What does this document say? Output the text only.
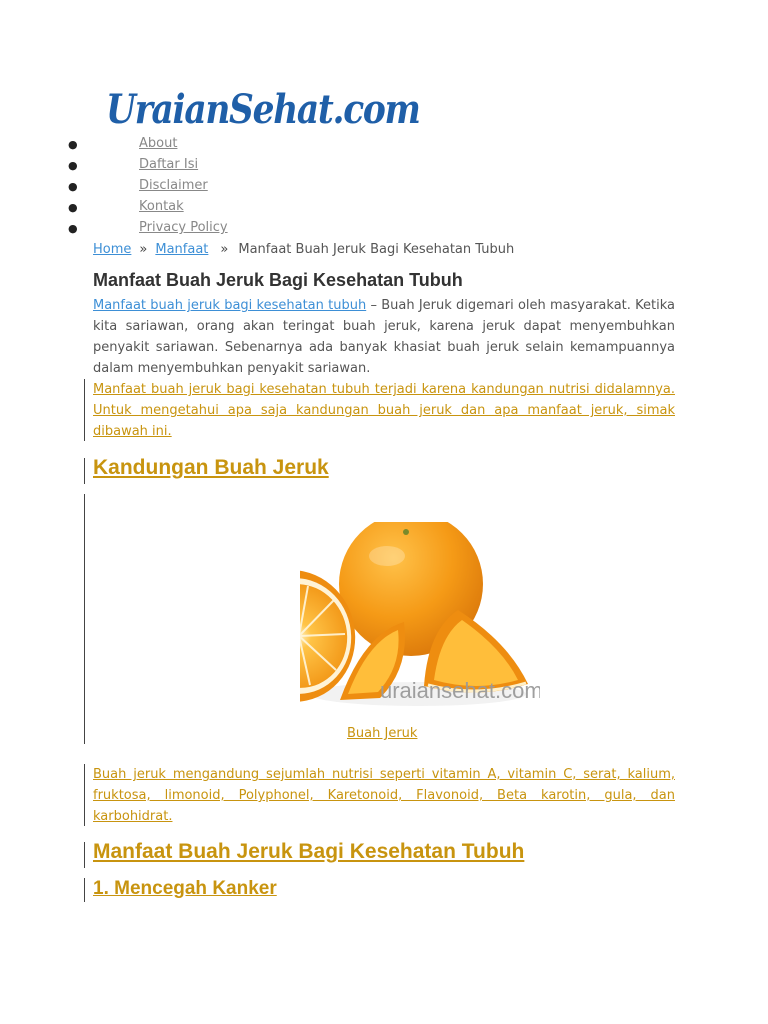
UraianSehat.com
●	About
●	Daftar Isi
●	Disclaimer
●	Kontak
●	Privacy Policy
Home » Manfaat » Manfaat Buah Jeruk Bagi Kesehatan Tubuh
Manfaat Buah Jeruk Bagi Kesehatan Tubuh

Manfaat buah jeruk bagi kesehatan tubuh – Buah Jeruk digemari oleh masyarakat. Ketika kita sariawan, orang akan teringat buah jeruk, karena jeruk dapat menyembuhkan penyakit sariawan. Sebenarnya ada banyak khasiat buah jeruk selain kemampuannya dalam menyembuhkan penyakit sariawan.

Manfaat buah jeruk bagi kesehatan tubuh terjadi karena kandungan nutrisi didalamnya. Untuk mengetahui apa saja kandungan buah jeruk dan apa manfaat jeruk, simak dibawah ini.

Kandungan Buah Jeruk
uraiansehat.com
Buah Jeruk

Buah jeruk mengandung sejumlah nutrisi seperti vitamin A, vitamin C, serat, kalium, fruktosa, limonoid, Polyphonel, Karetonoid, Flavonoid, Beta karotin, gula, dan karbohidrat.

Manfaat Buah Jeruk Bagi Kesehatan Tubuh
1. Mencegah Kanker
